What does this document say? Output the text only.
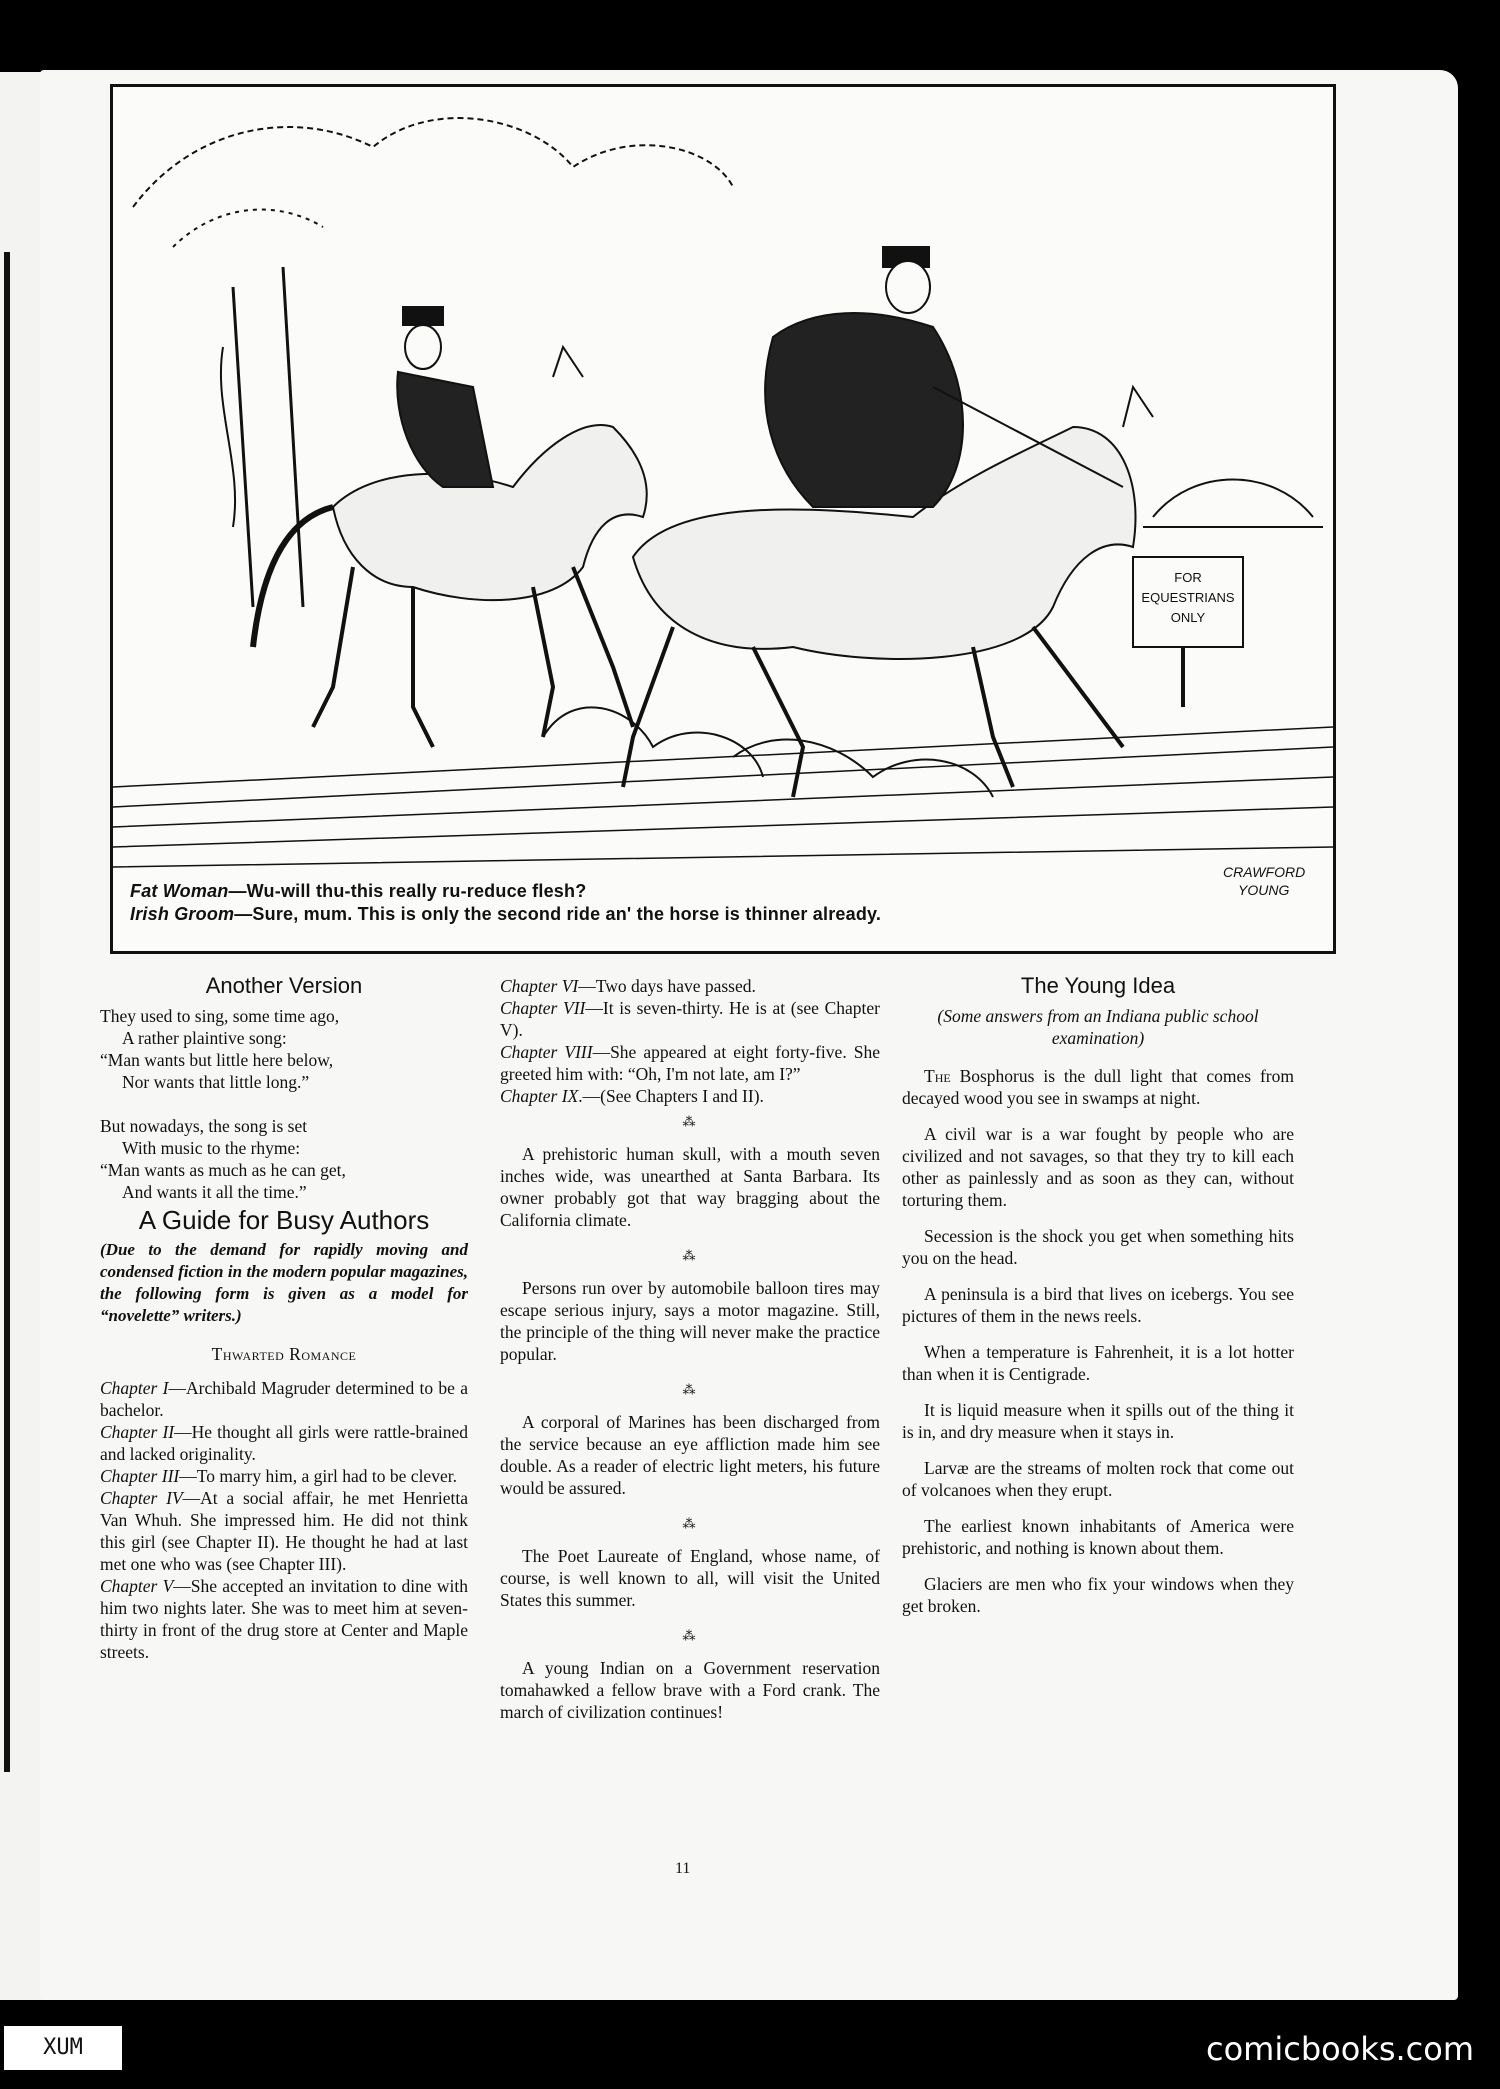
FOR
EQUESTRIANS
ONLY
CRAWFORD
YOUNG
Fat Woman—Wu-will thu-this really ru-reduce flesh?
Irish Groom—Sure, mum. This is only the second ride an' the horse is thinner already.
Another Version

They used to sing, some time ago,

A rather plaintive song:

“Man wants but little here below,

Nor wants that little long.”

But nowadays, the song is set

With music to the rhyme:

“Man wants as much as he can get,

And wants it all the time.”

A Guide for Busy Authors

(Due to the demand for rapidly moving and condensed fiction in the modern popular magazines, the following form is given as a model for “novelette” writers.)

Thwarted Romance

Chapter I—Archibald Magruder determined to be a bachelor.

Chapter II—He thought all girls were rattle-brained and lacked originality.

Chapter III—To marry him, a girl had to be clever.

Chapter IV—At a social affair, he met Henrietta Van Whuh. She impressed him. He did not think this girl (see Chapter II). He thought he had at last met one who was (see Chapter III).

Chapter V—She accepted an invitation to dine with him two nights later. She was to meet him at seven-thirty in front of the drug store at Center and Maple streets.

Chapter VI—Two days have passed.

Chapter VII—It is seven-thirty. He is at (see Chapter V).

Chapter VIII—She appeared at eight forty-five. She greeted him with: “Oh, I'm not late, am I?”

Chapter IX.—(See Chapters I and II).

⁂

A prehistoric human skull, with a mouth seven inches wide, was unearthed at Santa Barbara. Its owner probably got that way bragging about the California climate.

⁂

Persons run over by automobile balloon tires may escape serious injury, says a motor magazine. Still, the principle of the thing will never make the practice popular.

⁂

A corporal of Marines has been discharged from the service because an eye affliction made him see double. As a reader of electric light meters, his future would be assured.

⁂

The Poet Laureate of England, whose name, of course, is well known to all, will visit the United States this summer.

⁂

A young Indian on a Government reservation tomahawked a fellow brave with a Ford crank. The march of civilization continues!

The Young Idea

(Some answers from an Indiana public school examination)

The Bosphorus is the dull light that comes from decayed wood you see in swamps at night.

A civil war is a war fought by people who are civilized and not savages, so that they try to kill each other as painlessly and as soon as they can, without torturing them.

Secession is the shock you get when something hits you on the head.

A peninsula is a bird that lives on icebergs. You see pictures of them in the news reels.

When a temperature is Fahrenheit, it is a lot hotter than when it is Centigrade.

It is liquid measure when it spills out of the thing it is in, and dry measure when it stays in.

Larvæ are the streams of molten rock that come out of volcanoes when they erupt.

The earliest known inhabitants of America were prehistoric, and nothing is known about them.

Glaciers are men who fix your windows when they get broken.

11
XUM	comicbooks.com
